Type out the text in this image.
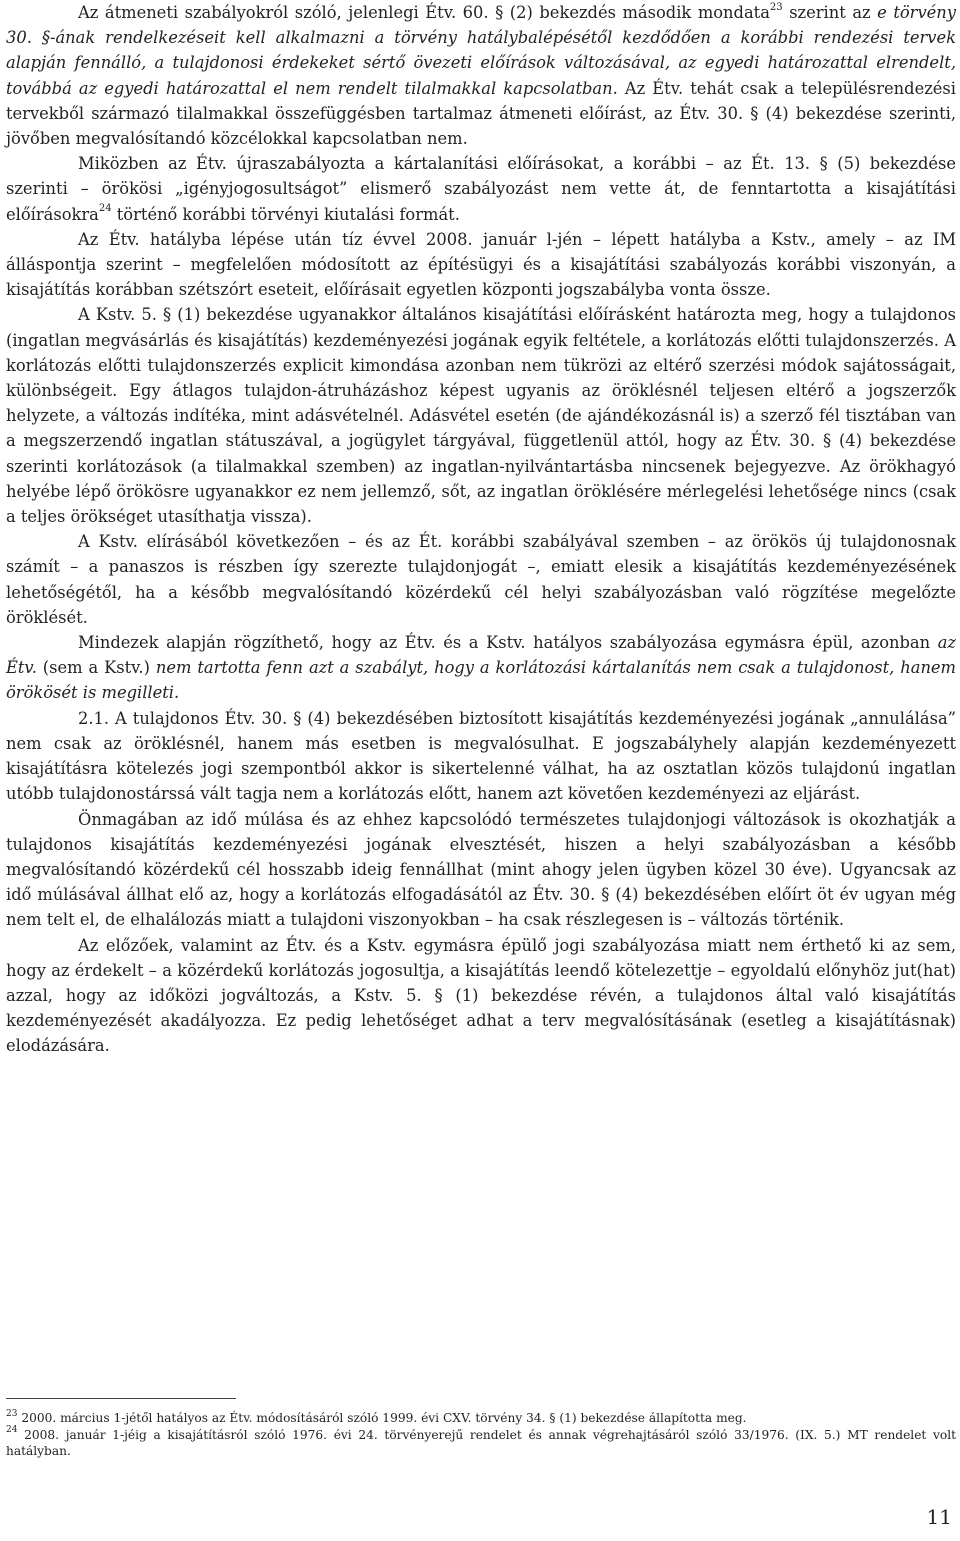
Az átmeneti szabályokról szóló, jelenlegi Étv. 60. § (2) bekezdés második mondata$^{23}$ szerint az e törvény 30. §-ának rendelkezéseit kell alkalmazni a törvény hatálybalépésétől kezdődően a korábbi rendezési tervek alapján fennálló, a tulajdonosi érdekeket sértő övezeti előírások változásával, az egyedi határozattal elrendelt, továbbá az egyedi határozattal el nem rendelt tilalmakkal kapcsolatban. Az Étv. tehát csak a településrendezési tervekből származó tilalmakkal összefüggésben tartalmaz átmeneti előírást, az Étv. 30. § (4) bekezdése szerinti, jövőben megvalósítandó közcélokkal kapcsolatban nem.

Miközben az Étv. újraszabályozta a kártalanítási előírásokat, a korábbi – az Ét. 13. § (5) bekezdése szerinti – örökösi „igényjogosultságot” elismerő szabályozást nem vette át, de fenntartotta a kisajátítási előírásokra$^{24}$ történő korábbi törvényi kiutalási formát.

Az Étv. hatályba lépése után tíz évvel 2008. január l-jén – lépett hatályba a Kstv., amely – az IM álláspontja szerint – megfelelően módosított az építésügyi és a kisajátítási szabályozás korábbi viszonyán, a kisajátítás korábban szétszórt eseteit, előírásait egyetlen központi jogszabályba vonta össze.

A Kstv. 5. § (1) bekezdése ugyanakkor általános kisajátítási előírásként határozta meg, hogy a tulajdonos (ingatlan megvásárlás és kisajátítás) kezdeményezési jogának egyik feltétele, a korlátozás előtti tulajdonszerzés. A korlátozás előtti tulajdonszerzés explicit kimondása azonban nem tükrözi az eltérő szerzési módok sajátosságait, különbségeit. Egy átlagos tulajdon-átruházáshoz képest ugyanis az öröklésnél teljesen eltérő a jogszerzők helyzete, a változás indítéka, mint adásvételnél. Adásvétel esetén (de ajándékozásnál is) a szerző fél tisztában van a megszerzendő ingatlan státuszával, a jogügylet tárgyával, függetlenül attól, hogy az Étv. 30. § (4) bekezdése szerinti korlátozások (a tilalmakkal szemben) az ingatlan-nyilvántartásba nincsenek bejegyezve. Az örökhagyó helyébe lépő örökösre ugyanakkor ez nem jellemző, sőt, az ingatlan öröklésére mérlegelési lehetősége nincs (csak a teljes örökséget utasíthatja vissza).

A Kstv. elírásából következően – és az Ét. korábbi szabályával szemben – az örökös új tulajdonosnak számít – a panaszos is részben így szerezte tulajdonjogát –, emiatt elesik a kisajátítás kezdeményezésének lehetőségétől, ha a később megvalósítandó közérdekű cél helyi szabályozásban való rögzítése megelőzte öröklését.

Mindezek alapján rögzíthető, hogy az Étv. és a Kstv. hatályos szabályozása egymásra épül, azonban az Étv. (sem a Kstv.) nem tartotta fenn azt a szabályt, hogy a korlátozási kártalanítás nem csak a tulajdonost, hanem örökösét is megilleti.

2.1. A tulajdonos Étv. 30. § (4) bekezdésében biztosított kisajátítás kezdeményezési jogának „annulálása” nem csak az öröklésnél, hanem más esetben is megvalósulhat. E jogszabályhely alapján kezdeményezett kisajátításra kötelezés jogi szempontból akkor is sikertelenné válhat, ha az osztatlan közös tulajdonú ingatlan utóbb tulajdonostárssá vált tagja nem a korlátozás előtt, hanem azt követően kezdeményezi az eljárást.

Önmagában az idő múlása és az ehhez kapcsolódó természetes tulajdonjogi változások is okozhatják a tulajdonos kisajátítás kezdeményezési jogának elvesztését, hiszen a helyi szabályozásban a később megvalósítandó közérdekű cél hosszabb ideig fennállhat (mint ahogy jelen ügyben közel 30 éve). Ugyancsak az idő múlásával állhat elő az, hogy a korlátozás elfogadásától az Étv. 30. § (4) bekezdésében előírt öt év ugyan még nem telt el, de elhalálozás miatt a tulajdoni viszonyokban – ha csak részlegesen is – változás történik.

Az előzőek, valamint az Étv. és a Kstv. egymásra épülő jogi szabályozása miatt nem érthető ki az sem, hogy az érdekelt – a közérdekű korlátozás jogosultja, a kisajátítás leendő kötelezettje – egyoldalú előnyhöz jut(hat) azzal, hogy az időközi jogváltozás, a Kstv. 5. § (1) bekezdése révén, a tulajdonos által való kisajátítás kezdeményezését akadályozza. Ez pedig lehetőséget adhat a terv megvalósításának (esetleg a kisajátításnak) elodázására.

$^{23}$ 2000. március 1-jétől hatályos az Étv. módosításáról szóló 1999. évi CXV. törvény 34. § (1) bekezdése állapította meg.

$^{24}$ 2008. január 1-jéig a kisajátításról szóló 1976. évi 24. törvényerejű rendelet és annak végrehajtásáról szóló 33/1976. (IX. 5.) MT rendelet volt hatályban.

11
